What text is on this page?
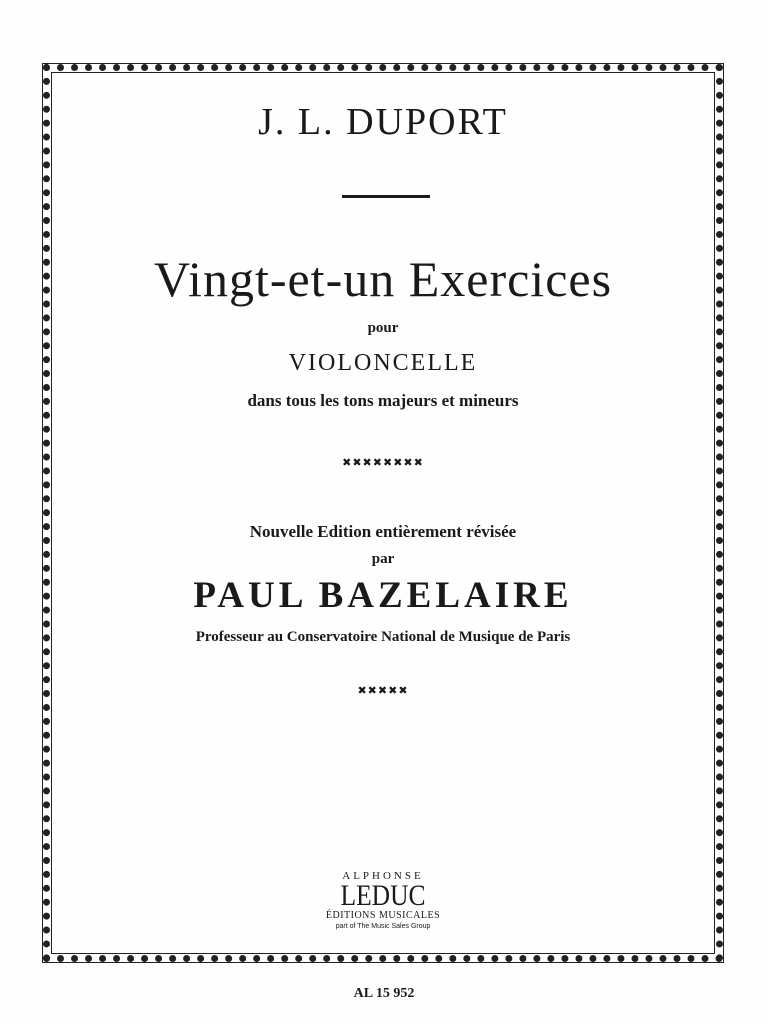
J. L. DUPORT
Vingt-et-un Exercices
pour
VIOLONCELLE
dans tous les tons majeurs et mineurs
✖✖✖✖✖✖✖✖
Nouvelle Edition entièrement révisée
par
PAUL BAZELAIRE
Professeur au Conservatoire National de Musique de Paris
✖✖✖✖✖
ALPHONSE
LEDUC
ÉDITIONS MUSICALES
part of The Music Sales Group
AL 15 952
